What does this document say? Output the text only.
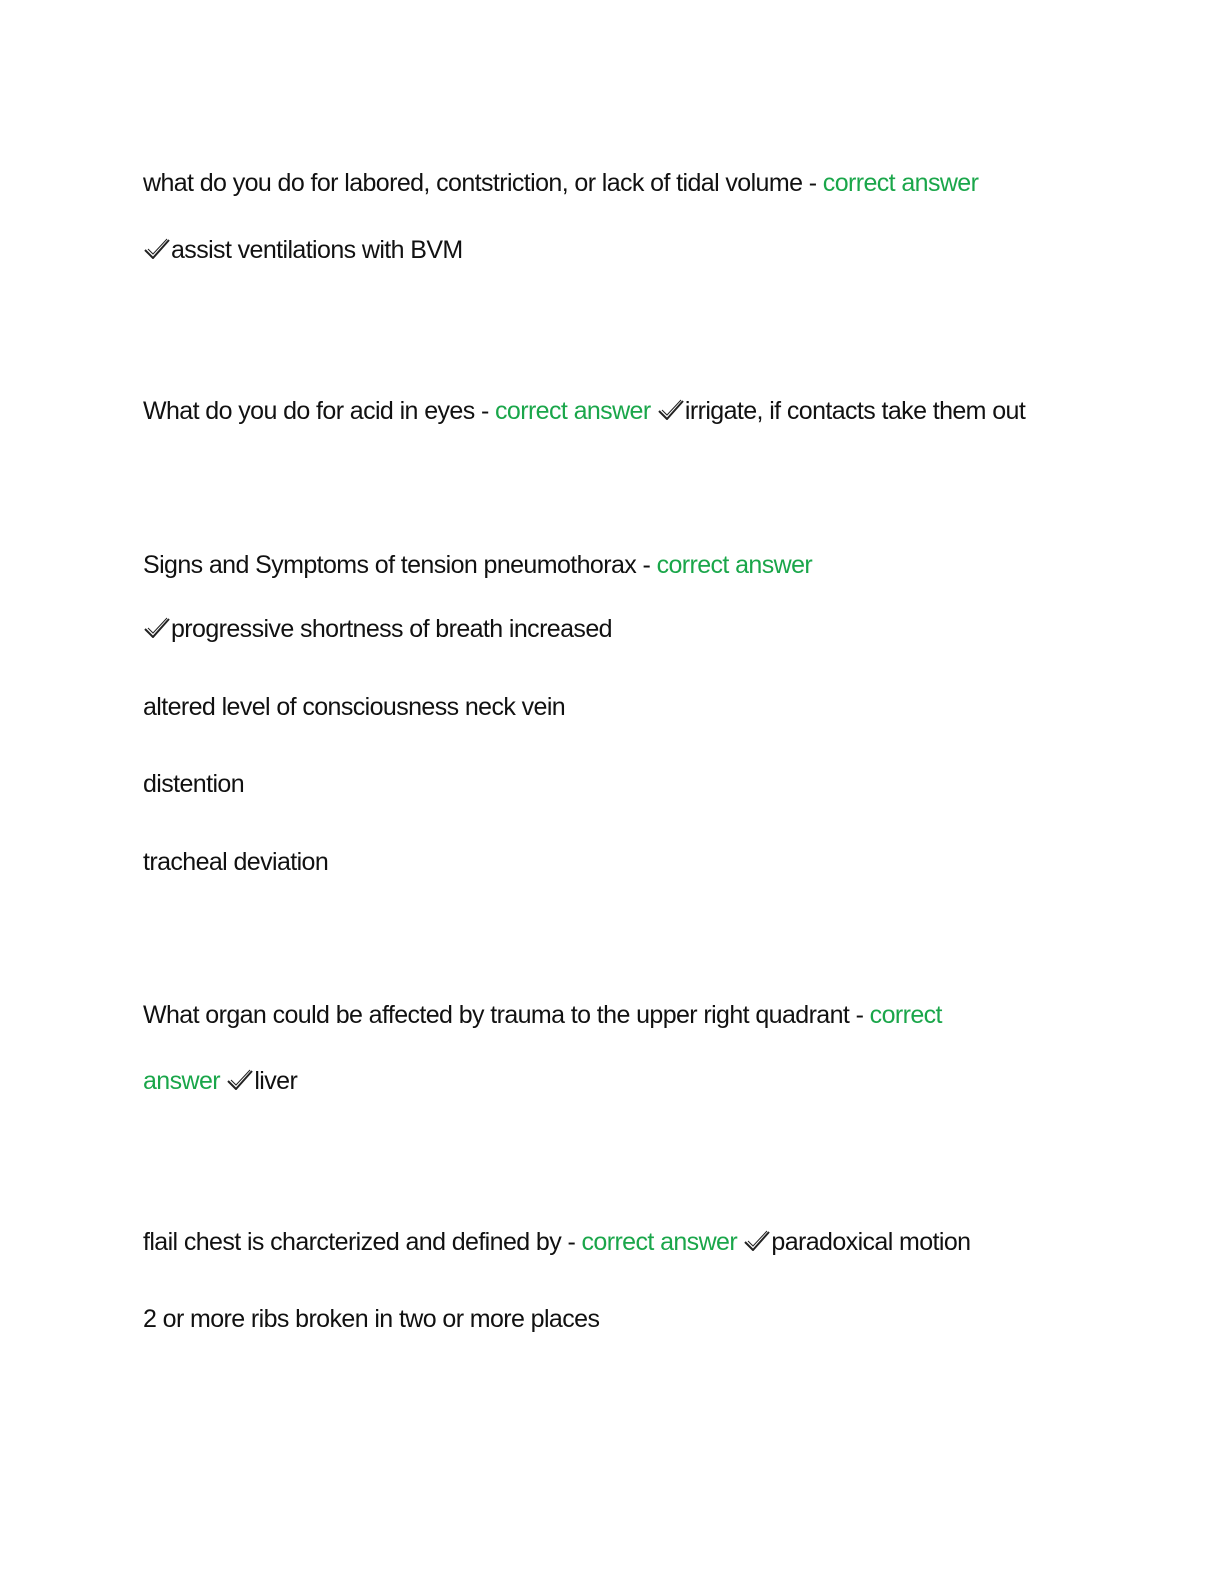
what do you do for labored, contstriction, or lack of tidal volume - correct answer
assist ventilations with BVM
What do you do for acid in eyes - correct answer irrigate, if contacts take them out
Signs and Symptoms of tension pneumothorax - correct answer
progressive shortness of breath increased
altered level of consciousness neck vein
distention
tracheal deviation
What organ could be affected by trauma to the upper right quadrant - correct
answer
liver
flail chest is charcterized and defined by - correct answer paradoxical motion
2 or more ribs broken in two or more places
